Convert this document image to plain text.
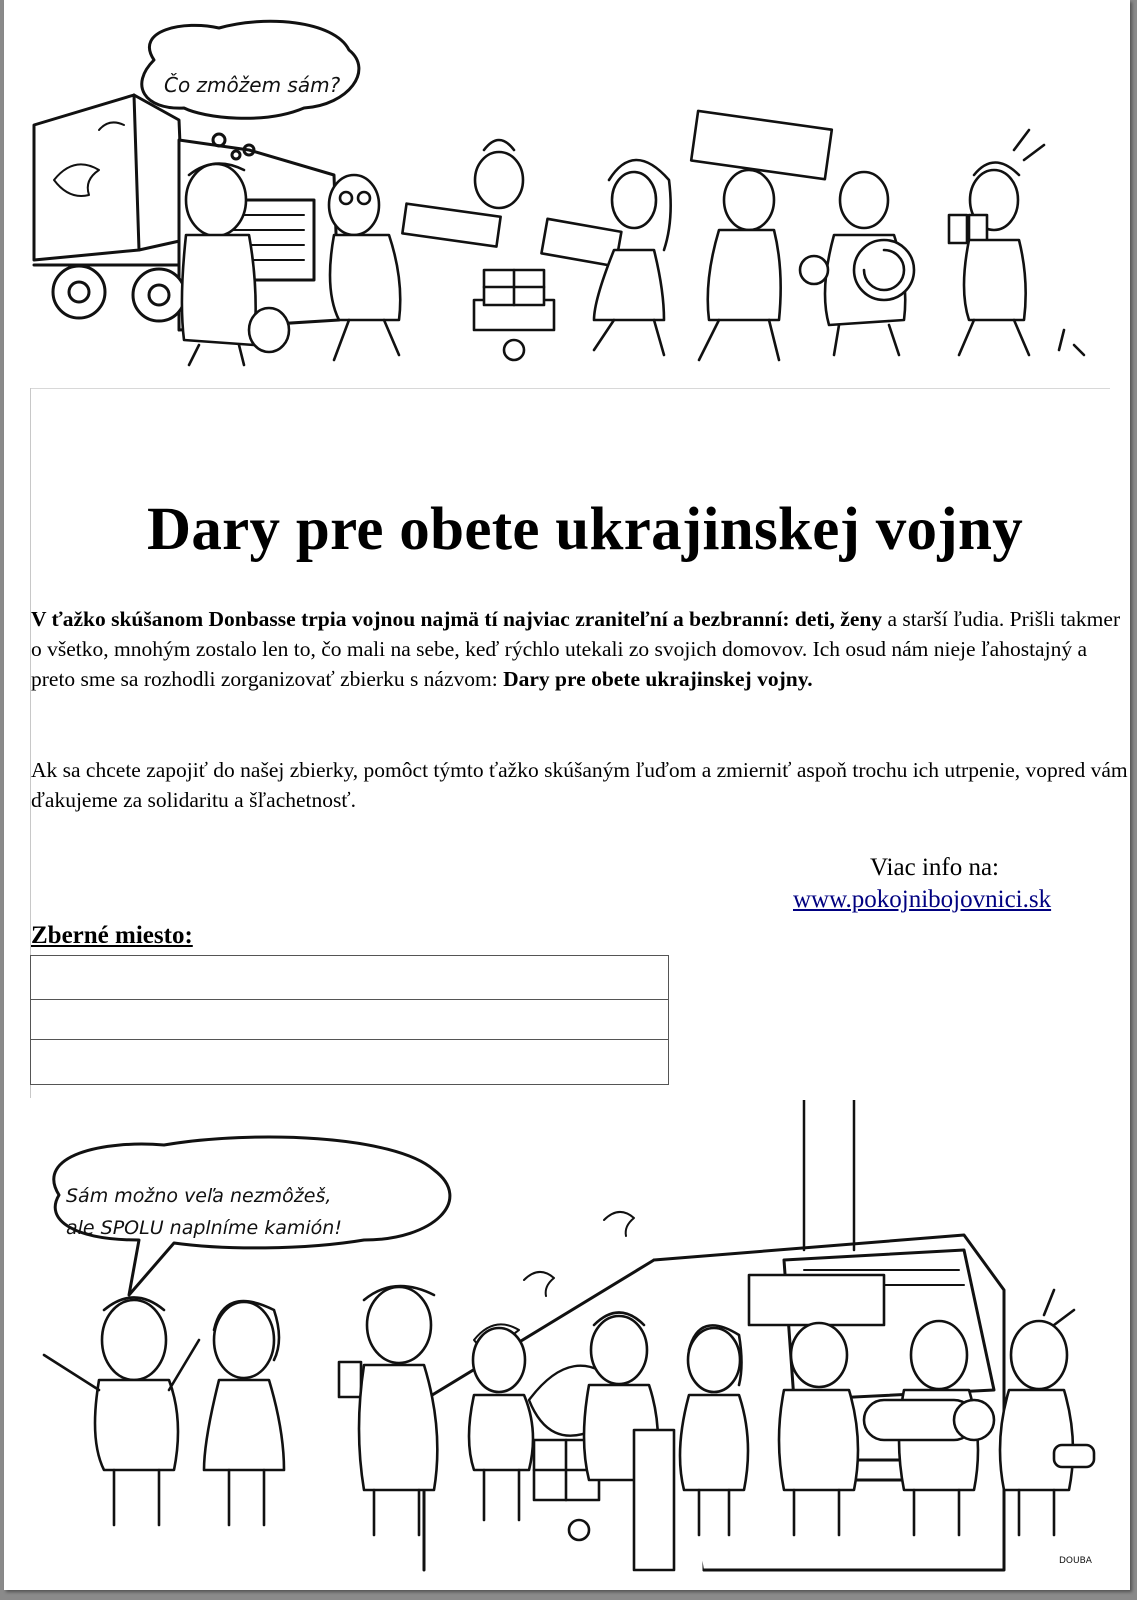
Čo zmôžem sám?
Dary pre obete ukrajinskej vojny
V ťažko skúšanom Donbasse trpia vojnou najmä tí najviac zraniteľní a bezbranní: deti, ženy a starší ľudia. Prišli takmer o všetko, mnohým zostalo len to, čo mali na sebe, keď rýchlo utekali zo svojich domovov. Ich osud nám nieje ľahostajný a preto sme sa rozhodli zorganizovať zbierku s názvom: Dary pre obete ukrajinskej vojny.
Ak sa chcete zapojiť do našej zbierky, pomôct týmto ťažko skúšaným ľuďom a zmierniť aspoň trochu ich utrpenie, vopred vám ďakujeme za solidaritu a šľachetnosť.
Viac info na:
www.pokojnibojovnici.sk
Zberné miesto:
Sám možno veľa nezmôžeš,
ale SPOLU naplníme kamión!
DOUBA
